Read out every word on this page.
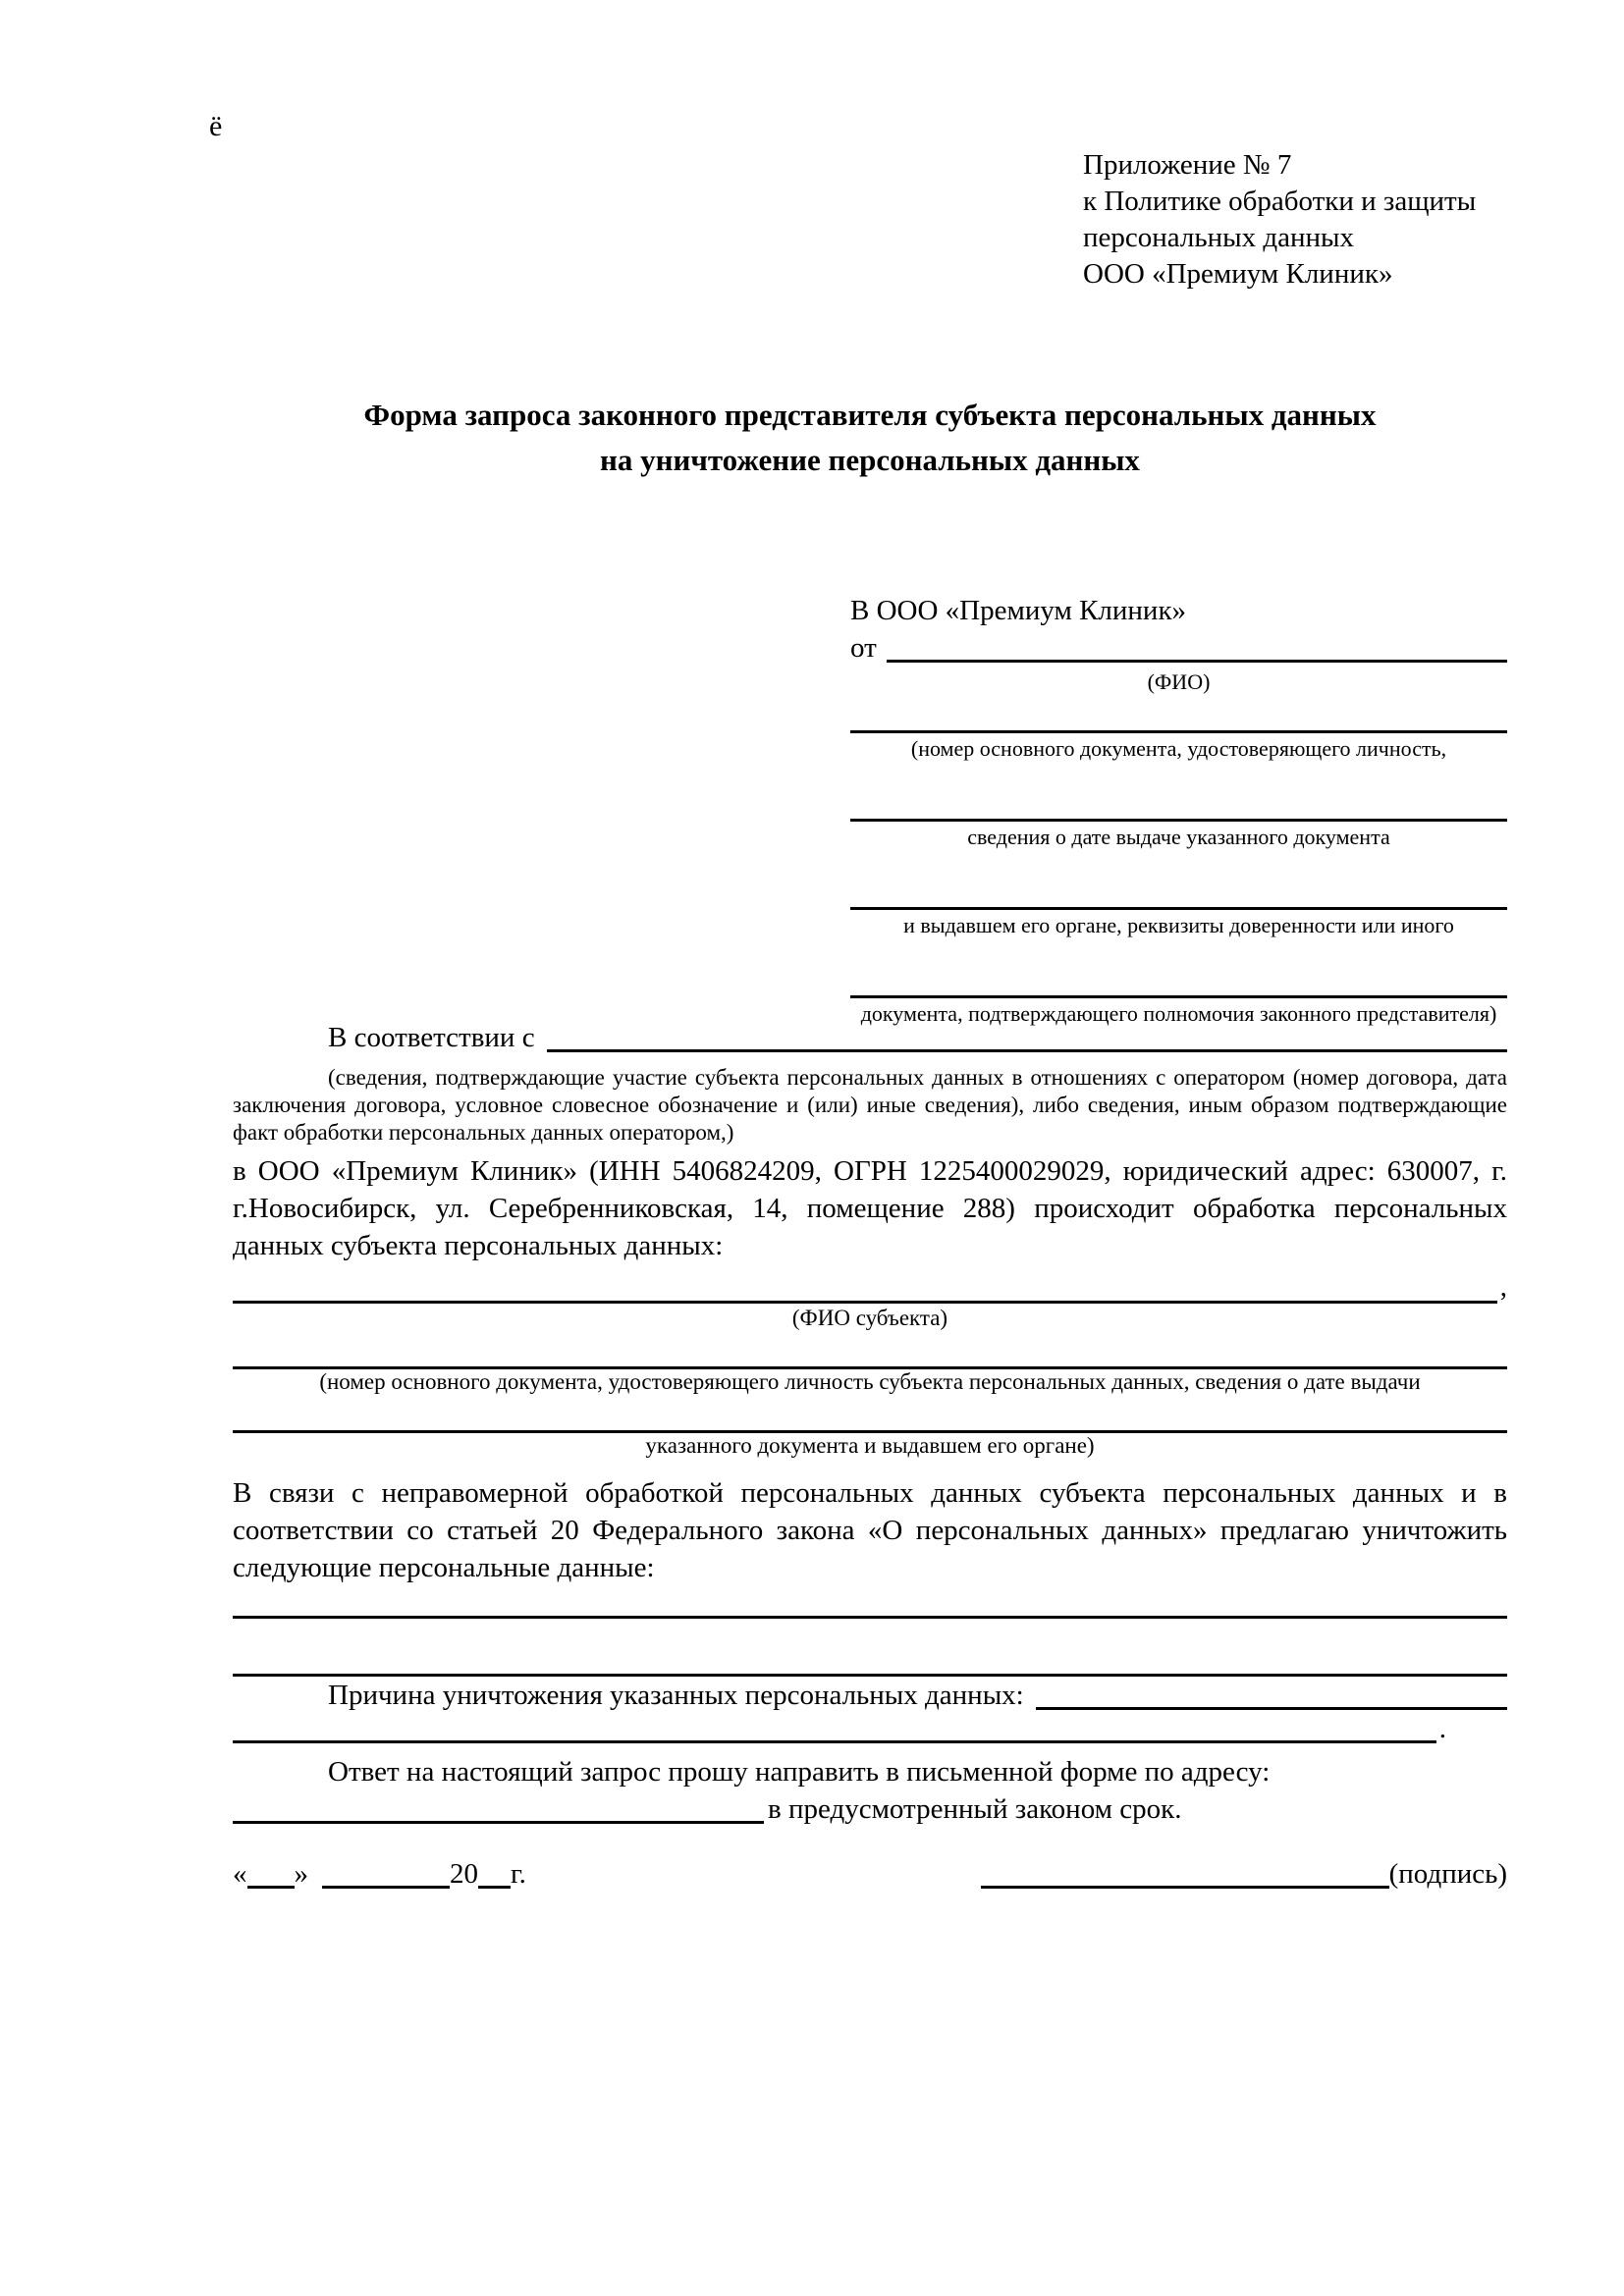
ё
Приложение № 7
к Политике обработки и защиты
персональных данных
ООО «Премиум Клиник»
Форма запроса законного представителя субъекта персональных данных
на уничтожение персональных данных
В ООО «Премиум Клиник»
от
(ФИО)
(номер основного документа, удостоверяющего личность,
сведения о дате выдаче указанного документа
и выдавшем его органе, реквизиты доверенности или иного
документа, подтверждающего полномочия законного представителя)
В соответствии с
(сведения, подтверждающие участие субъекта персональных данных в отношениях с оператором (номер договора, дата заключения договора, условное словесное обозначение и (или) иные сведения), либо сведения, иным образом подтверждающие факт обработки персональных данных оператором,)
в ООО «Премиум Клиник» (ИНН 5406824209, ОГРН 1225400029029, юридический адрес: 630007, г. г.Новосибирск, ул. Серебренниковская, 14, помещение 288) происходит обработка персональных данных субъекта персональных данных:
,
(ФИО субъекта)
(номер основного документа, удостоверяющего личность субъекта персональных данных, сведения о дате выдачи
указанного документа и выдавшем его органе)
В связи с неправомерной обработкой персональных данных субъекта персональных данных и в соответствии со статьей 20 Федерального закона «О персональных данных» предлагаю уничтожить следующие персональные данные:
Причина уничтожения указанных персональных данных:
.
Ответ на настоящий запрос прошу направить в письменной форме по адресу:
в предусмотренный законом срок.
« »	20 г.	(подпись)
